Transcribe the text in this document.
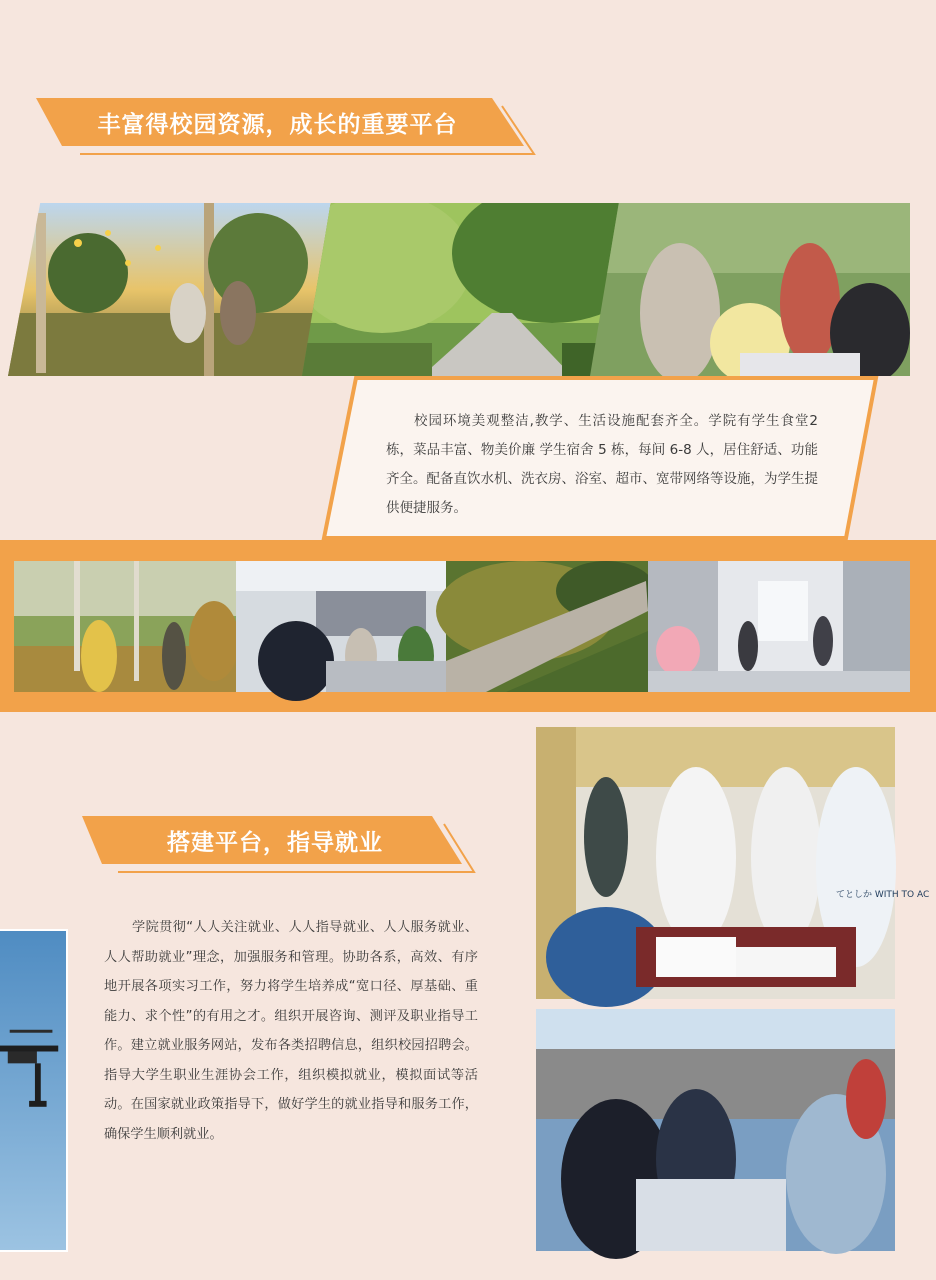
丰富得校园资源，成长的重要平台
校园环境美观整洁,教学、生活设施配套齐全。学院有学生食堂2栋，菜品丰富、物美价廉 学生宿舍 5 栋，每间 6-8 人，居住舒适、功能齐全。配备直饮水机、洗衣房、浴室、超市、宽带网络等设施，为学生提供便捷服务。
搭建平台，指导就业
学院贯彻“人人关注就业、人人指导就业、人人服务就业、人人帮助就业”理念，加强服务和管理。协助各系，高效、有序地开展各项实习工作，努力将学生培养成“宽口径、厚基础、重能力、求个性”的有用之才。组织开展咨询、测评及职业指导工作。建立就业服务网站，发布各类招聘信息，组织校园招聘会。指导大学生职业生涯协会工作，组织模拟就业，模拟面试等活动。在国家就业政策指导下，做好学生的就业指导和服务工作，确保学生顺利就业。
てとしか WITH TO AC
